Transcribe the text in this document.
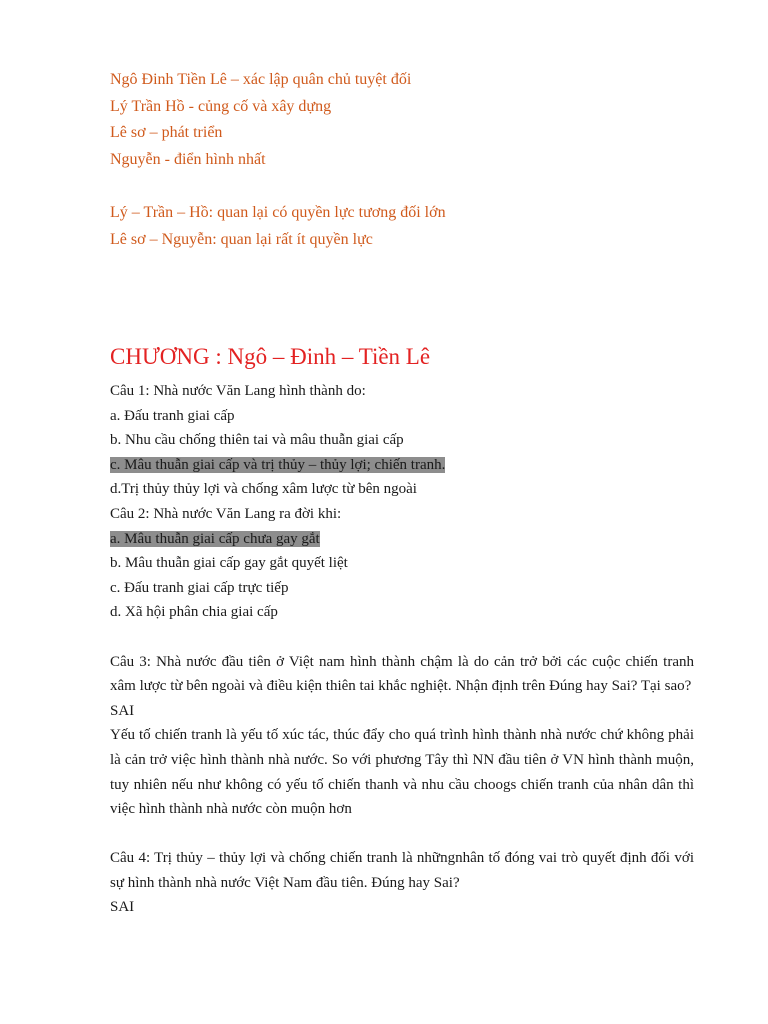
Ngô Đinh Tiền Lê – xác lập quân chủ tuyệt đối

Lý Trần Hồ - củng cố và xây dựng

Lê sơ – phát triển

Nguyễn - điển hình nhất

Lý – Trần – Hồ: quan lại có quyền lực tương đối lớn

Lê sơ – Nguyễn: quan lại rất ít quyền lực

CHƯƠNG : Ngô – Đinh – Tiền Lê

Câu 1: Nhà nước Văn Lang hình thành do:

a. Đấu tranh giai cấp

b. Nhu cầu chống thiên tai và mâu thuẫn giai cấp

c. Mâu thuẫn giai cấp và trị thủy – thủy lợi; chiến tranh.

d.Trị thủy thủy lợi và chống xâm lược từ bên ngoài

Câu 2: Nhà nước Văn Lang ra đời khi:

a. Mâu thuẫn giai cấp chưa gay gắt

b. Mâu thuẫn giai cấp gay gắt quyết liệt

c. Đấu tranh giai cấp trực tiếp

d. Xã hội phân chia giai cấp

Câu 3: Nhà nước đầu tiên ở Việt nam hình thành chậm là do cản trở bởi các cuộc chiến tranh xâm lược từ bên ngoài và điều kiện thiên tai khắc nghiệt. Nhận định trên Đúng hay Sai? Tại sao?

SAI

Yếu tố chiến tranh là yếu tố xúc tác, thúc đẩy cho quá trình hình thành nhà nước chứ không phải là cản trở việc hình thành nhà nước. So với phương Tây thì NN đầu tiên ở VN hình thành muộn, tuy nhiên nếu như không có yếu tố chiến thanh và nhu cầu choogs chiến tranh của nhân dân thì việc hình thành nhà nước còn muộn hơn

Câu 4: Trị thủy – thủy lợi và chống chiến tranh là nhữngnhân tố đóng vai trò quyết định đối với sự hình thành nhà nước Việt Nam đầu tiên. Đúng hay Sai?

SAI
